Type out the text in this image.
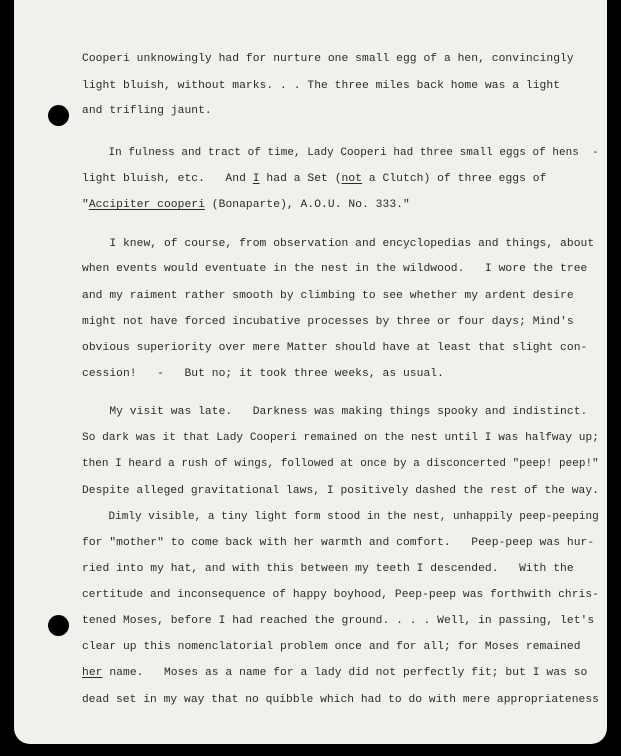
Cooperi unknowingly had for nurture one small egg of a hen, convincingly
light bluish, without marks. . . The three miles back home was a light
and trifling jaunt.
In fulness and tract of time, Lady Cooperi had three small eggs of hens  -
light bluish, etc.   And I had a Set (not a Clutch) of three eggs of
"Accipiter cooperi (Bonaparte), A.O.U. No. 333."
I knew, of course, from observation and encyclopedias and things, about
when events would eventuate in the nest in the wildwood.   I wore the tree
and my raiment rather smooth by climbing to see whether my ardent desire
might not have forced incubative processes by three or four days; Mind's
obvious superiority over mere Matter should have at least that slight con-
cession!   -   But no; it took three weeks, as usual.
My visit was late.   Darkness was making things spooky and indistinct.
So dark was it that Lady Cooperi remained on the nest until I was halfway up;
then I heard a rush of wings, followed at once by a disconcerted "peep! peep!"
Despite alleged gravitational laws, I positively dashed the rest of the way.
Dimly visible, a tiny light form stood in the nest, unhappily peep-peeping
for "mother" to come back with her warmth and comfort.   Peep-peep was hur-
ried into my hat, and with this between my teeth I descended.   With the
certitude and inconsequence of happy boyhood, Peep-peep was forthwith chris-
tened Moses, before I had reached the ground. . . . Well, in passing, let's
clear up this nomenclatorial problem once and for all; for Moses remained
her name.   Moses as a name for a lady did not perfectly fit; but I was so
dead set in my way that no quibble which had to do with mere appropriateness
